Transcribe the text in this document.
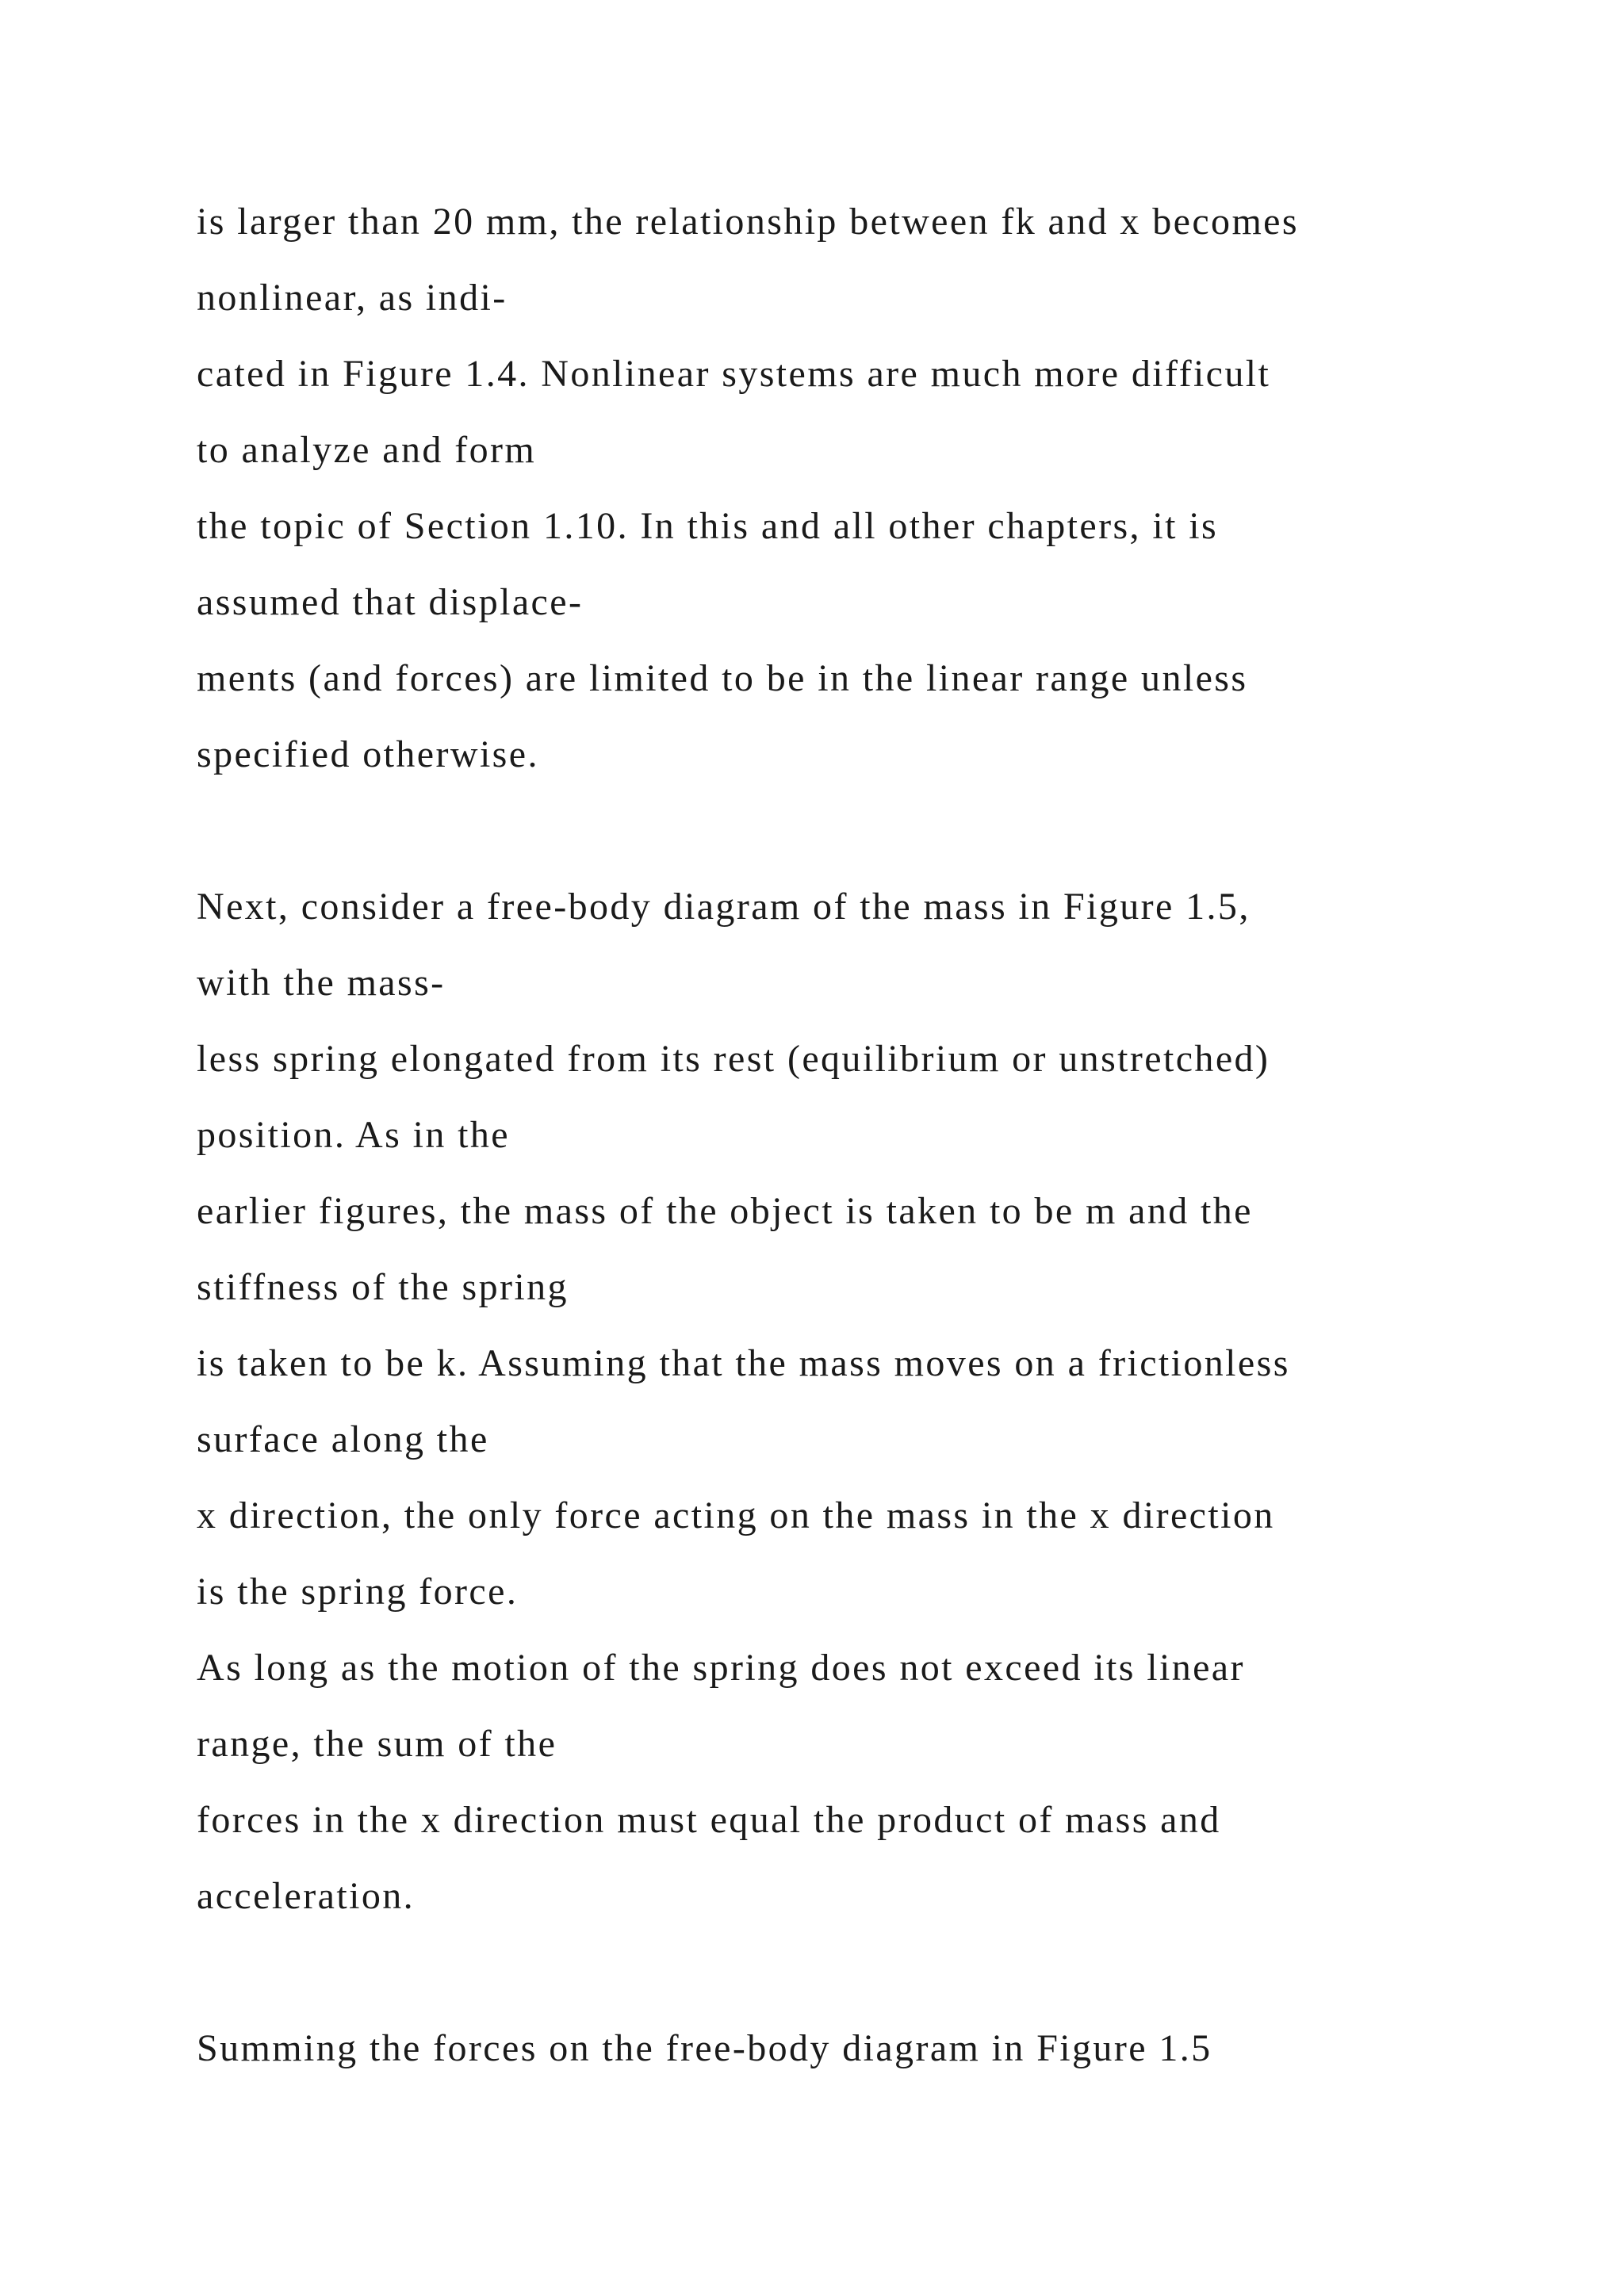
is larger than 20 mm, the relationship between fk and x becomes
nonlinear, as indi-
cated in Figure 1.4. Nonlinear systems are much more difficult
to analyze and form
the topic of Section 1.10. In this and all other chapters, it is
assumed that displace-
ments (and forces) are limited to be in the linear range unless
specified otherwise.
Next, consider a free-body diagram of the mass in Figure 1.5,
with the mass-
less spring elongated from its rest (equilibrium or unstretched)
position. As in the
earlier figures, the mass of the object is taken to be m and the
stiffness of the spring
is taken to be k. Assuming that the mass moves on a frictionless
surface along the
x direction, the only force acting on the mass in the x direction
is the spring force.
As long as the motion of the spring does not exceed its linear
range, the sum of the
forces in the x direction must equal the product of mass and
acceleration.
Summing the forces on the free-body diagram in Figure 1.5
